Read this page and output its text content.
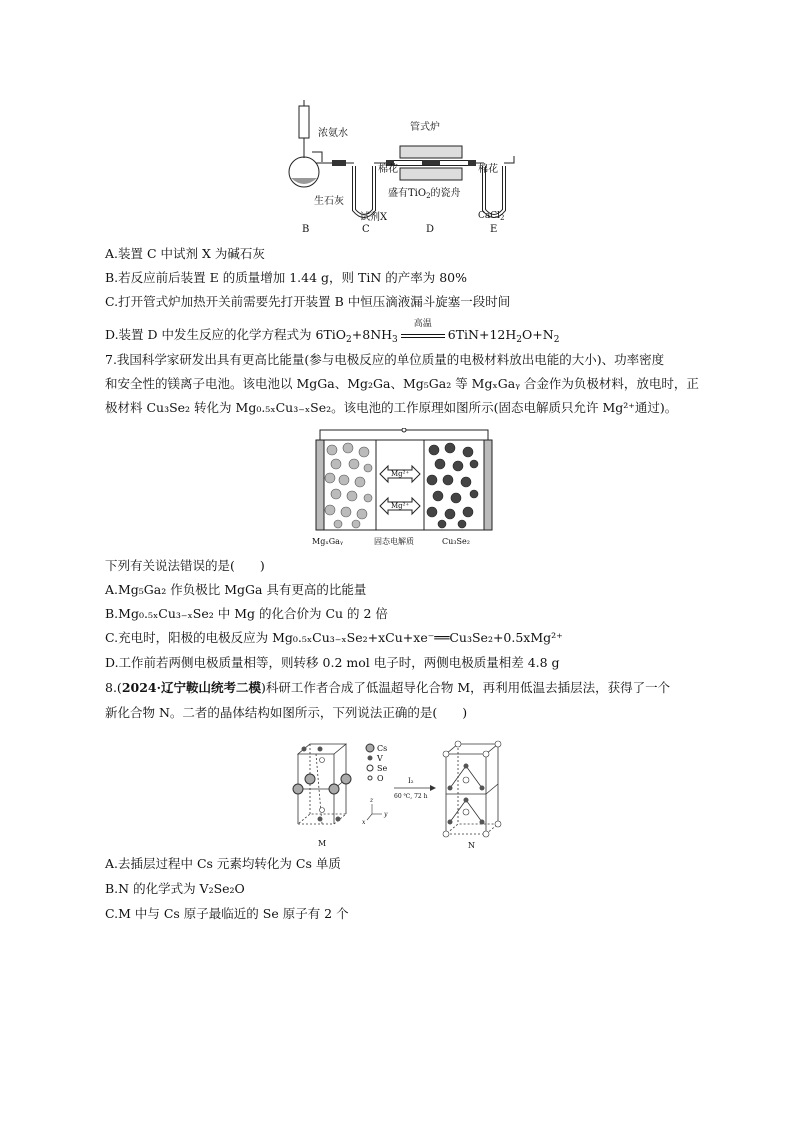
浓氨水
管式炉
棉花	棉花
生石灰
盛有TiO$_2$的瓷舟
试剂X	CaCl$_2$
B	C	D	E
A.装置 C 中试剂 X 为碱石灰
B.若反应前后装置 E 的质量增加 1.44 g，则 TiN 的产率为 80%
C.打开管式炉加热开关前需要先打开装置 B 中恒压滴液漏斗旋塞一段时间
D.装置 D 中发生反应的化学方程式为 $6TiO_2+8NH_3$
高温
$6TiN+12H_2O+N_2$
7.我国科学家研发出具有更高比能量(参与电极反应的单位质量的电极材料放出电能的大小)、功率密度
和安全性的镁离子电池。该电池以 MgGa、Mg₂Ga、Mg₅Ga₂ 等 MgₓGaᵧ 合金作为负极材料，放电时，正
极材料 Cu₃Se₂ 转化为 Mg₀.₅ₓCu₃₋ₓSe₂。该电池的工作原理如图所示(固态电解质只允许 Mg²⁺通过)。
Mg²⁺
Mg²⁺
MgₓGaᵧ	固态电解质	Cu₃Se₂
下列有关说法错误的是(　　)
A.Mg₅Ga₂ 作负极比 MgGa 具有更高的比能量
B.Mg₀.₅ₓCu₃₋ₓSe₂ 中 Mg 的化合价为 Cu 的 2 倍
C.充电时，阳极的电极反应为 Mg₀.₅ₓCu₃₋ₓSe₂+xCu+xe⁻══Cu₃Se₂+0.5xMg²⁺
D.工作前若两侧电极质量相等，则转移 0.2 mol 电子时，两侧电极质量相差 4.8 g
8.(2024·辽宁鞍山统考二模)科研工作者合成了低温超导化合物 M，再利用低温去插层法，获得了一个
新化合物 N。二者的晶体结构如图所示，下列说法正确的是(　　)
Cs
V
Se
O
z
y
x
I₂
60 ℃, 72 h
M	N
A.去插层过程中 Cs 元素均转化为 Cs 单质
B.N 的化学式为 V₂Se₂O
C.M 中与 Cs 原子最临近的 Se 原子有 2 个
